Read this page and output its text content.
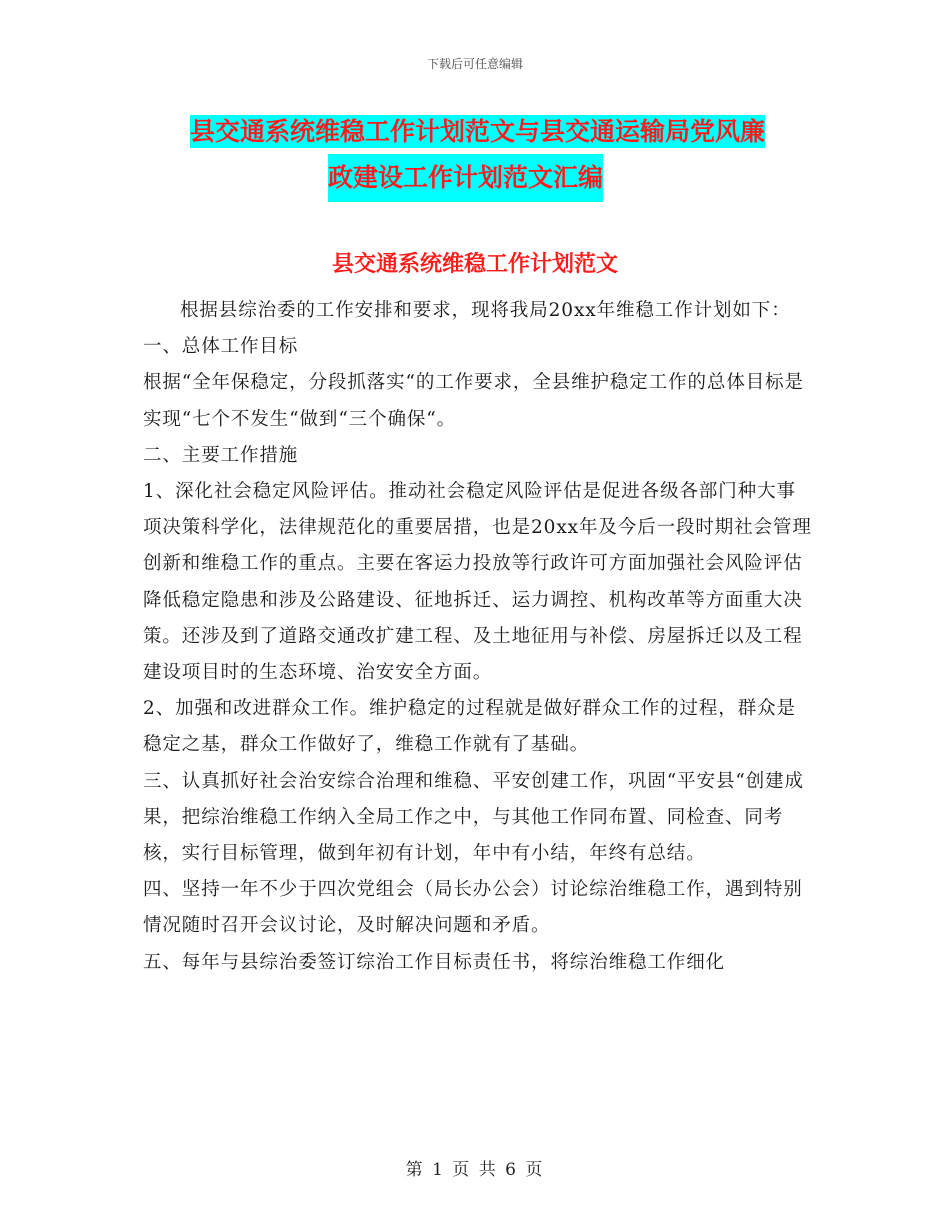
下载后可任意编辑
县交通系统维稳工作计划范文与县交通运输局党风廉
政建设工作计划范文汇编
县交通系统维稳工作计划范文

根据县综治委的工作安排和要求，现将我局20xx年维稳工作计划如下：

一、总体工作目标

根据“全年保稳定，分段抓落实“的工作要求，全县维护稳定工作的总体目标是实现“七个不发生“做到“三个确保“。

二、主要工作措施

1、深化社会稳定风险评估。推动社会稳定风险评估是促进各级各部门种大事项决策科学化，法律规范化的重要居措，也是20xx年及今后一段时期社会管理创新和维稳工作的重点。主要在客运力投放等行政许可方面加强社会风险评估降低稳定隐患和涉及公路建设、征地拆迁、运力调控、机构改革等方面重大决策。还涉及到了道路交通改扩建工程、及土地征用与补偿、房屋拆迁以及工程建设项目时的生态环境、治安安全方面。

2、加强和改进群众工作。维护稳定的过程就是做好群众工作的过程，群众是稳定之基，群众工作做好了，维稳工作就有了基础。

三、认真抓好社会治安综合治理和维稳、平安创建工作，巩固“平安县“创建成果，把综治维稳工作纳入全局工作之中，与其他工作同布置、同检查、同考核，实行目标管理，做到年初有计划，年中有小结，年终有总结。

四、坚持一年不少于四次党组会（局长办公会）讨论综治维稳工作，遇到特别情况随时召开会议讨论，及时解决问题和矛盾。

五、每年与县综治委签订综治工作目标责任书，将综治维稳工作细化

第 1 页 共 6 页
